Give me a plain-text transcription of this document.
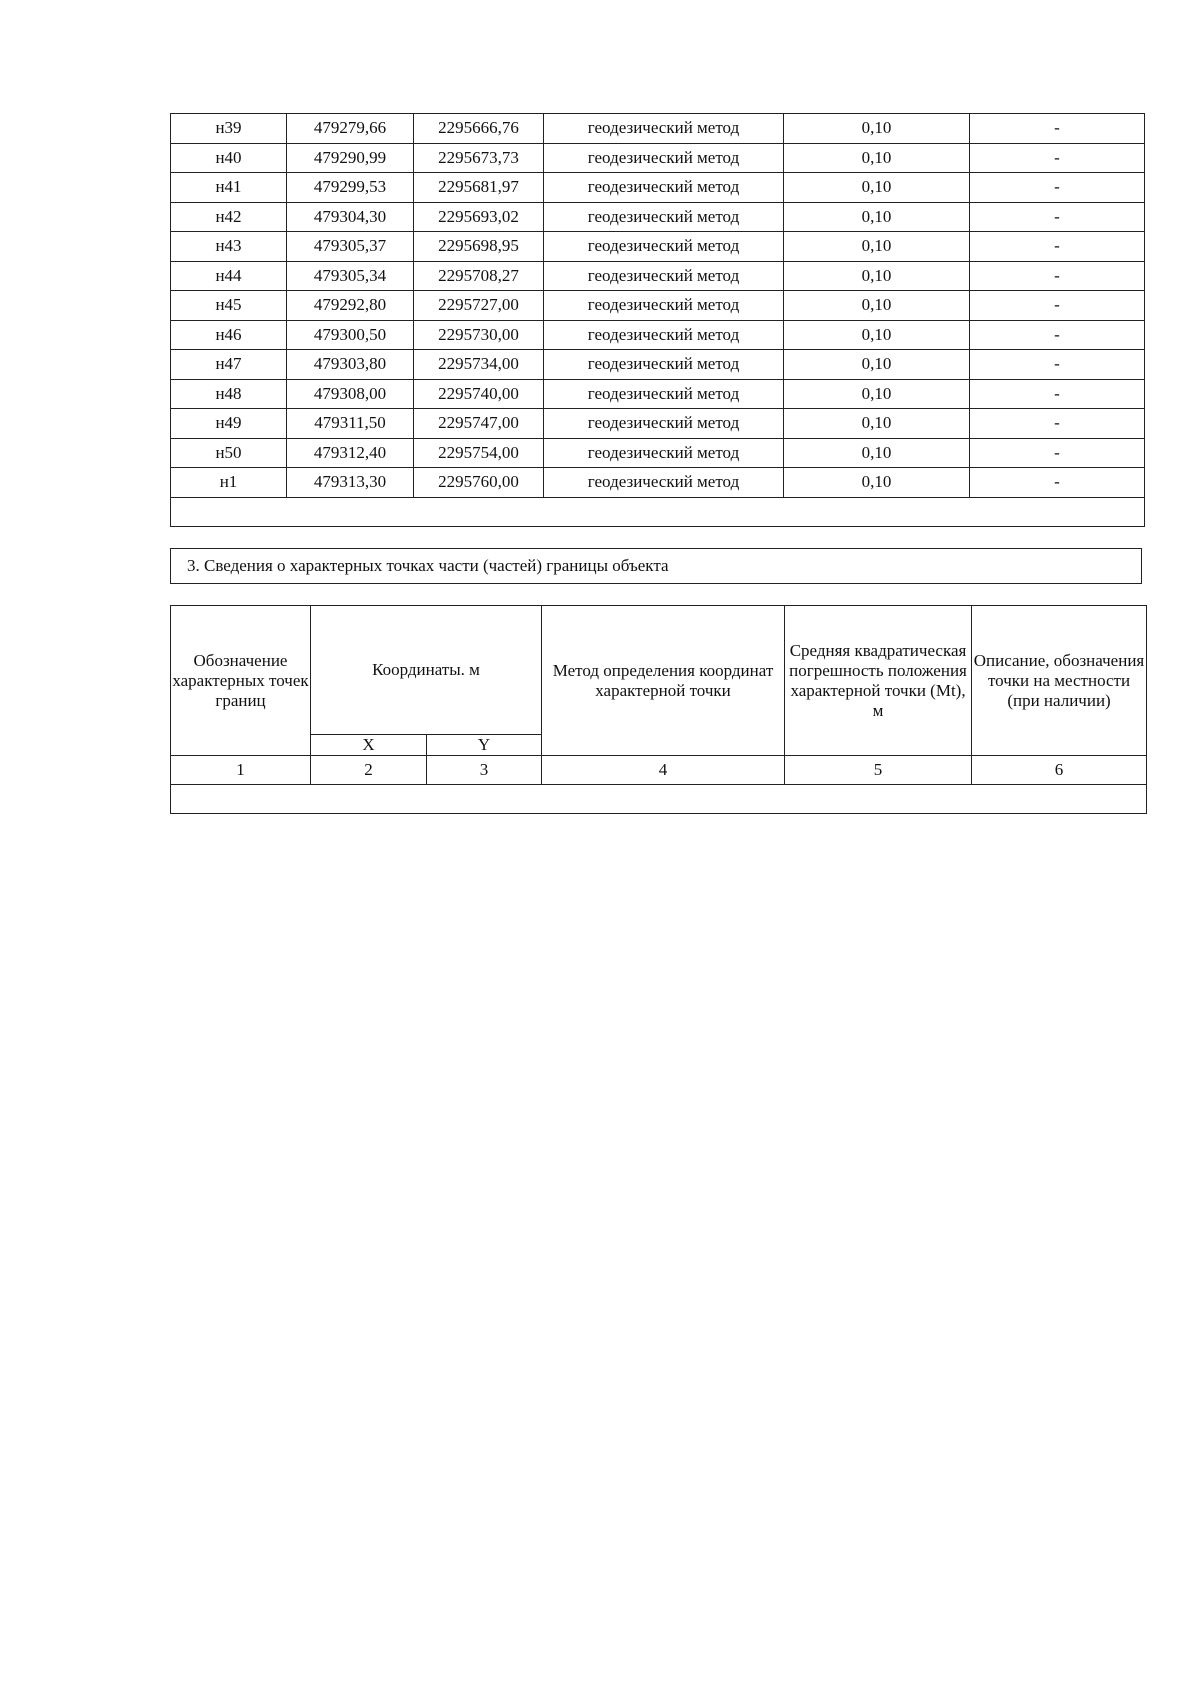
н39	479279,66	2295666,76	геодезический метод	0,10	-
н40	479290,99	2295673,73	геодезический метод	0,10	-
н41	479299,53	2295681,97	геодезический метод	0,10	-
н42	479304,30	2295693,02	геодезический метод	0,10	-
н43	479305,37	2295698,95	геодезический метод	0,10	-
н44	479305,34	2295708,27	геодезический метод	0,10	-
н45	479292,80	2295727,00	геодезический метод	0,10	-
н46	479300,50	2295730,00	геодезический метод	0,10	-
н47	479303,80	2295734,00	геодезический метод	0,10	-
н48	479308,00	2295740,00	геодезический метод	0,10	-
н49	479311,50	2295747,00	геодезический метод	0,10	-
н50	479312,40	2295754,00	геодезический метод	0,10	-
н1	479313,30	2295760,00	геодезический метод	0,10	-

3. Сведения о характерных точках части (частей) границы объекта
Обозначение характерных точек границ	Координаты. м		Метод определения координат характерной точки	Средняя квадратическая погрешность положения характерной точки (Mt), м	Описание, обозначения точки на местности (при наличии)
	X	Y			
1	2	3	4	5	6
